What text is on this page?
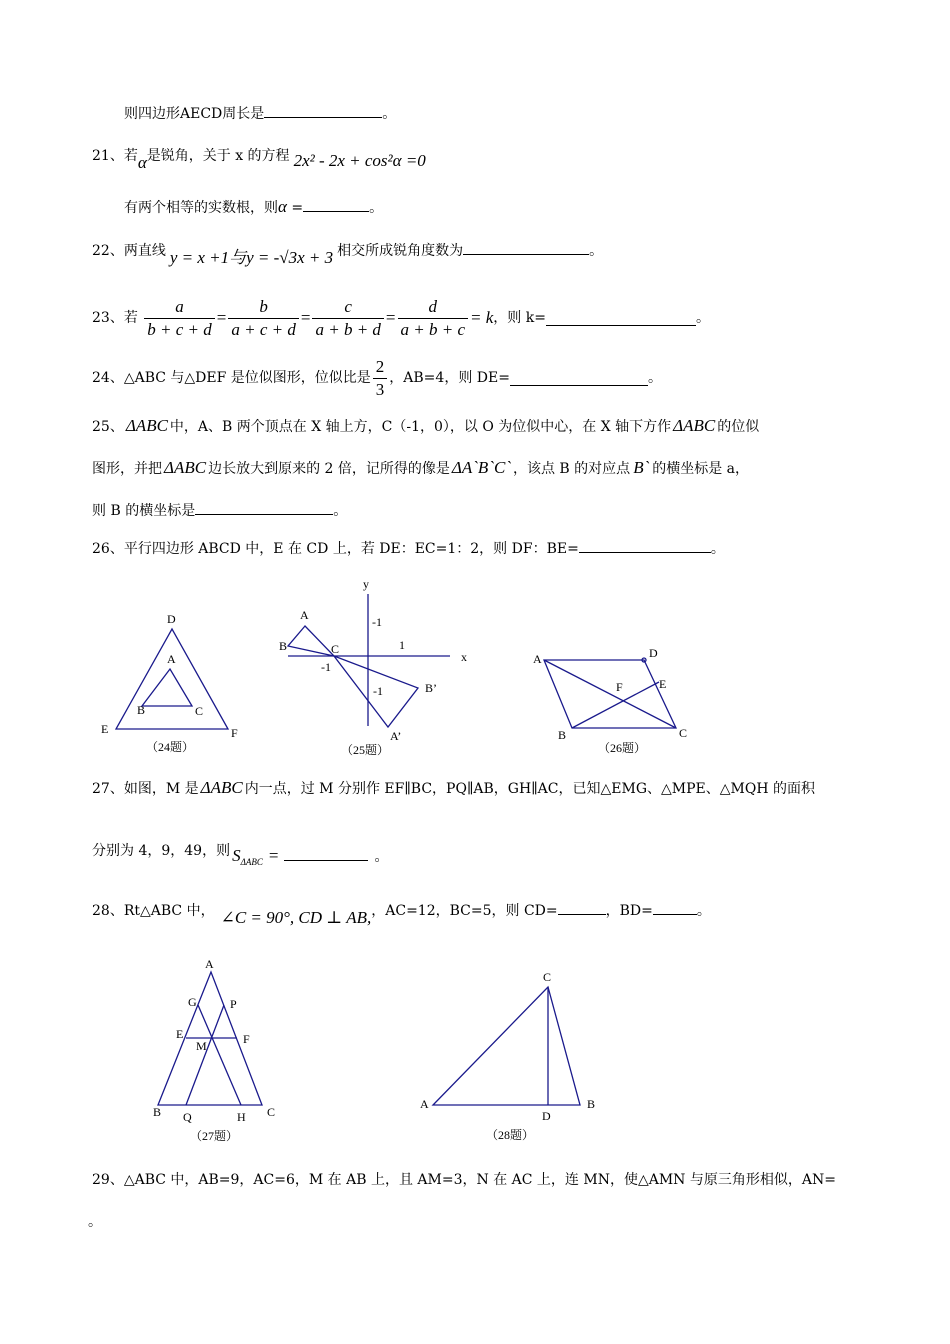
则四边形AECD周长是	。
21、若α是锐角，关于 x 的方程 2x² - 2x + cos²α =0
有两个相等的实数根，则α =	。
22、两直线 y = x +1与y = -√3x + 3 相交所成锐角度数为	。
23、若 $\frac{a}{b + c + d} = \frac{b}{a + c + d} = \frac{c}{a + b + d} = \frac{d}{a + b + c} = k$，则 k=	。
24、△ABC 与△DEF 是位似图形，位似比是 $\frac{2}{3}$ ，AB=4，则 DE=	。
25、 ΔABC 中，A、B 两个顶点在 X 轴上方，C（-1，0），以 O 为位似中心，在 X 轴下方作 ΔABC 的位似
图形，并把 ΔABC 边长放大到原来的 2 倍，记所得的像是 ΔA`B`C` ，该点 B 的对应点 B` 的横坐标是 a，
则 B 的横坐标是	。
26、平行四边形 ABCD 中，E 在 CD 上，若 DE：EC=1：2，则 DF：BE=	。
D
E	F
A
B	C
（24题）
y
x
A
B	C
-1
1
-1
-1	B’
A’
（25题）
A	D
E
F
B	C
（26题）
27、如图，M 是 ΔABC 内一点，过 M 分别作 EF∥BC，PQ∥AB，GH∥AC，已知△EMG、△MPE、△MQH 的面积
分别为 4，9，49，则 $S_{\Delta ABC}$ =	。
28、Rt△ABC 中， ∠C = 90°, CD ⊥ AB,，AC=12，BC=5，则 CD=	，BD=	。
A
G	P
E	F
M
B Q	H C
（27题）
C
A
D
B
（28题）
29、△ABC 中，AB=9，AC=6，M 在 AB 上，且 AM=3，N 在 AC 上，连 MN，使△AMN 与原三角形相似，AN=
。
